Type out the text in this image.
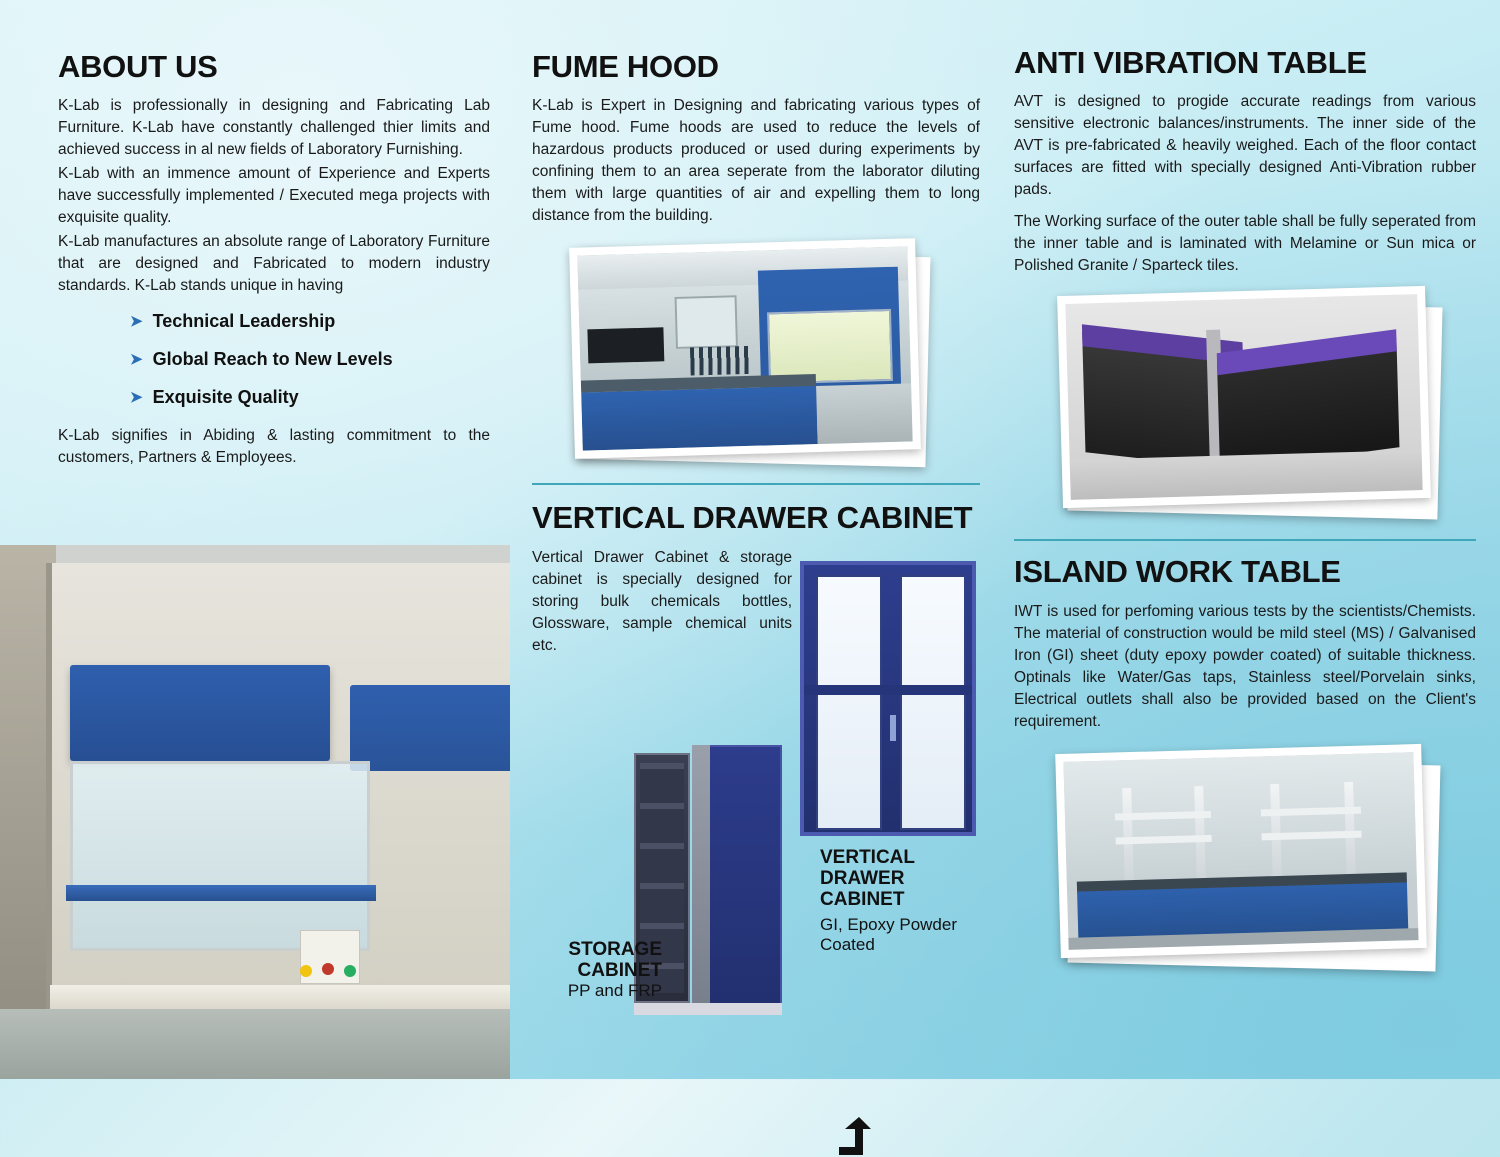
ABOUT US

K-Lab is professionally in designing and Fabricating Lab Furniture. K-Lab have constantly challenged thier limits and achieved success in al new fields of Laboratory Furnishing.

K-Lab with an immence amount of Experience and Experts have successfully implemented / Executed mega projects with exquisite quality.

K-Lab manufactures an absolute range of Laboratory Furniture that are designed and Fabricated to modern industry standards. K-Lab stands unique in having

➤ Technical Leadership
➤ Global Reach to New Levels
➤ Exquisite Quality

K-Lab signifies in Abiding & lasting commitment to the customers, Partners & Employees.

FUME HOOD

K-Lab is Expert in Designing and fabricating various types of Fume hood. Fume hoods are used to reduce the levels of hazardous products produced or used during experiments by confining them to an area seperate from the laborator diluting them with large quantities of air and expelling them to long distance from the building.

VERTICAL DRAWER CABINET

Vertical Drawer Cabinet & storage cabinet is specially designed for storing bulk chemicals bottles, Glossware, sample chemical units etc.

STORAGE CABINET
PP and FRP
VERTICAL DRAWER CABINET
GI, Epoxy Powder Coated
ANTI VIBRATION TABLE

AVT is designed to progide accurate readings from various sensitive electronic balances/instruments. The inner side of the AVT is pre-fabricated & heavily weighed. Each of the floor contact surfaces are fitted with specially designed Anti-Vibration rubber pads.

The Working surface of the outer table shall be fully seperated from the inner table and is laminated with Melamine or Sun mica or Polished Granite / Sparteck tiles.

ISLAND WORK TABLE

IWT is used for perfoming various tests by the scientists/Chemists. The material of construction would be mild steel (MS) / Galvanised Iron (GI) sheet (duty epoxy powder coated) of suitable thickness. Optinals like Water/Gas taps, Stainless steel/Porvelain sinks, Electrical outlets shall also be provided based on the Client's requirement.
